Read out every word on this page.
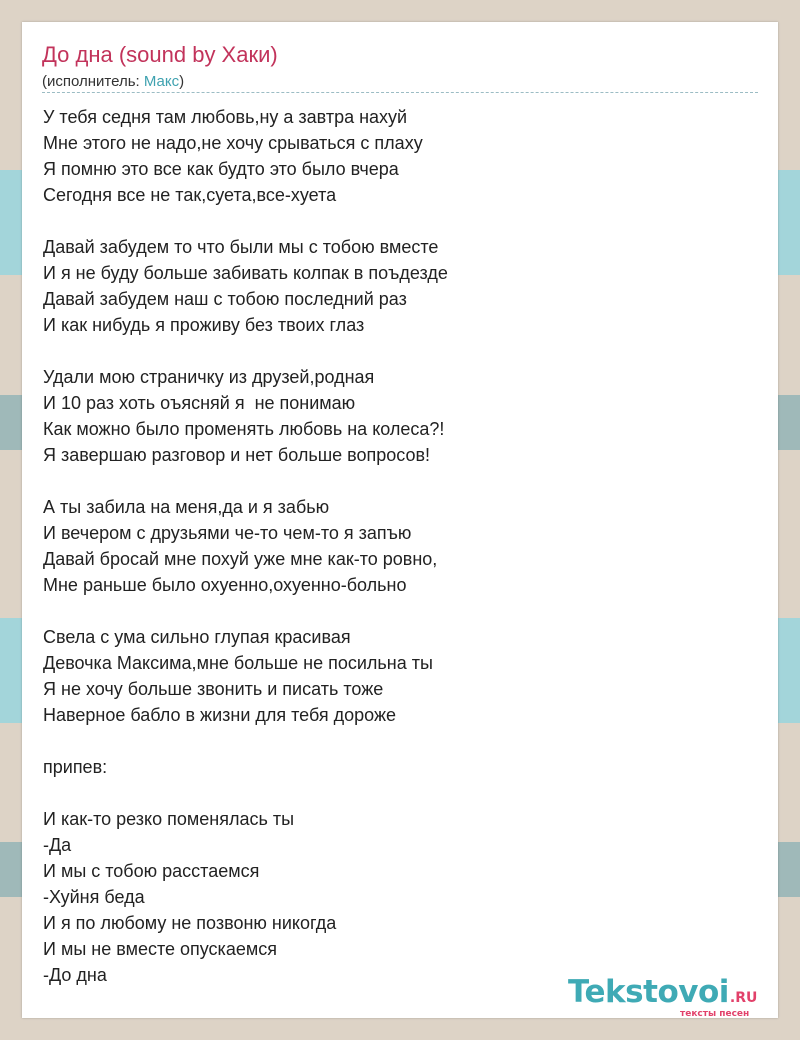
До дна (sound by Хаки)
(исполнитель: Макс)
У тебя седня там любовь,ну а завтра нахуй
Мне этого не надо,не хочу срываться с плаху
Я помню это все как будто это было вчера
Сегодня все не так,суета,все-хуета
Давай забудем то что были мы с тобою вместе
И я не буду больше забивать колпак в поъдезде
Давай забудем наш с тобою последний раз
И как нибудь я проживу без твоих глаз
Удали мою страничку из друзей,родная
И 10 раз хоть оъясняй я  не понимаю
Как можно было променять любовь на колеса?!
Я завершаю разговор и нет больше вопросов!
А ты забила на меня,да и я забью
И вечером с друзьями че-то чем-то я запъю
Давай бросай мне похуй уже мне как-то ровно,
Мне раньше было охуенно,охуенно-больно
Свела с ума сильно глупая красивая
Девочка Максима,мне больше не посильна ты
Я не хочу больше звонить и писать тоже
Наверное бабло в жизни для тебя дороже
припев:
И как-то резко поменялась ты
-Да
И мы с тобою расстаемся
-Хуйня беда
И я по любому не позвоню никогда
И мы не вместе опускаемся
-До дна	Tekstovoi.RU
тексты песен
